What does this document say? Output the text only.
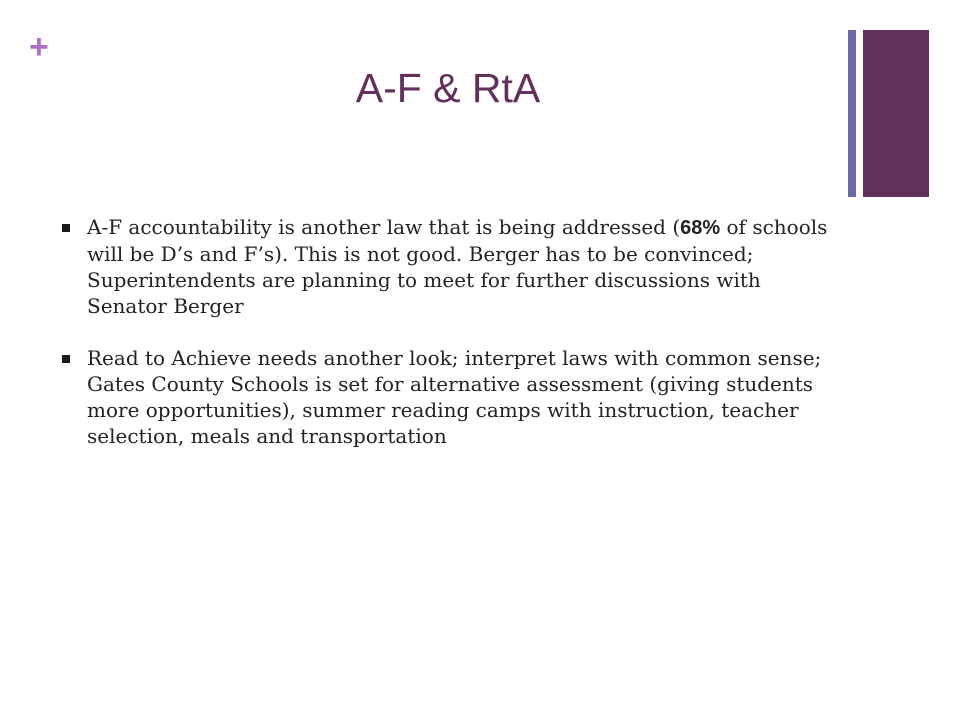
+
A-F & RtA
A-F accountability is another law that is being addressed (68% of schools will be D’s and F’s). This is not good. Berger has to be convinced; Superintendents are planning to meet for further discussions with Senator Berger
Read to Achieve needs another look; interpret laws with common sense; Gates County Schools is set for alternative assessment (giving students more opportunities), summer reading camps with instruction, teacher selection, meals and transportation
